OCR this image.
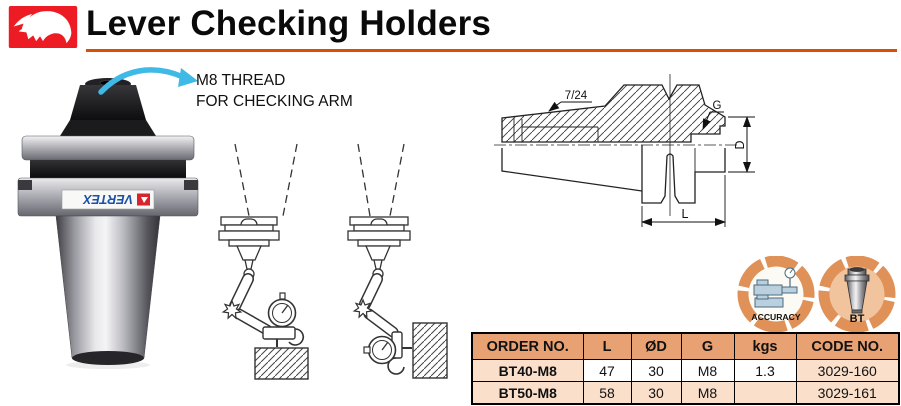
Lever Checking Holders
VERTEX
M8 THREAD
FOR CHECKING ARM	7/24
G
D
L
ACCURACY	BT
ORDER NO.	L	ØD	G	kgs	CODE NO.
BT40-M8	47	30	M8	1.3	3029-160
BT50-M8	58	30	M8		3029-161
